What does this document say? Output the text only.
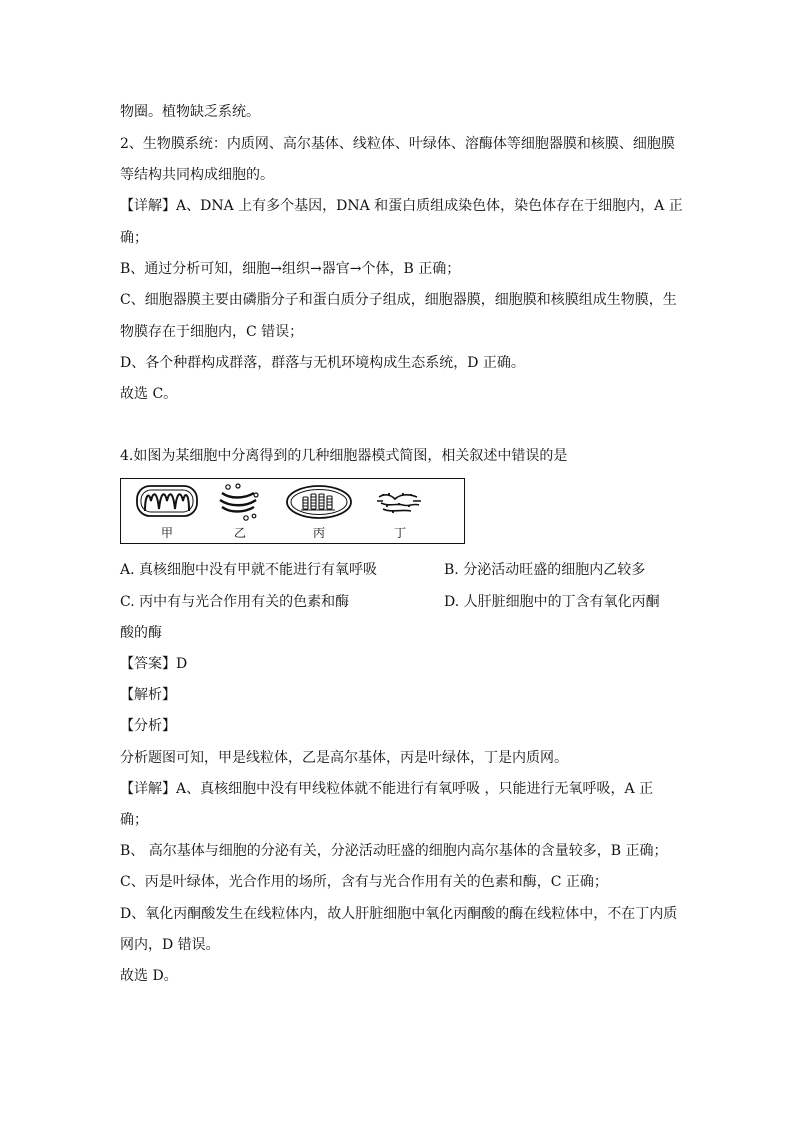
物圈。植物缺乏系统。
2、生物膜系统：内质网、高尔基体、线粒体、叶绿体、溶酶体等细胞器膜和核膜、细胞膜
等结构共同构成细胞的。
【详解】A、DNA 上有多个基因，DNA 和蛋白质组成染色体，染色体存在于细胞内，A 正
确；
B、通过分析可知，细胞→组织→器官→个体，B 正确；
C、细胞器膜主要由磷脂分子和蛋白质分子组成，细胞器膜，细胞膜和核膜组成生物膜，生
物膜存在于细胞内，C 错误；
D、各个种群构成群落，群落与无机环境构成生态系统，D 正确。
故选 C。
4.如图为某细胞中分离得到的几种细胞器模式简图，相关叙述中错误的是
甲	乙	丙	丁
A. 真核细胞中没有甲就不能进行有氧呼吸	B. 分泌活动旺盛的细胞内乙较多
C. 丙中有与光合作用有关的色素和酶	D. 人肝脏细胞中的丁含有氧化丙酮
酸的酶
【答案】D
【解析】
【分析】
分析题图可知，甲是线粒体，乙是高尔基体，丙是叶绿体，丁是内质网。
【详解】A、真核细胞中没有甲线粒体就不能进行有氧呼吸 ，只能进行无氧呼吸，A 正
确；
B、 高尔基体与细胞的分泌有关，分泌活动旺盛的细胞内高尔基体的含量较多，B 正确；
C、丙是叶绿体，光合作用的场所，含有与光合作用有关的色素和酶，C 正确；
D、氧化丙酮酸发生在线粒体内，故人肝脏细胞中氧化丙酮酸的酶在线粒体中，不在丁内质
网内，D 错误。
故选 D。
